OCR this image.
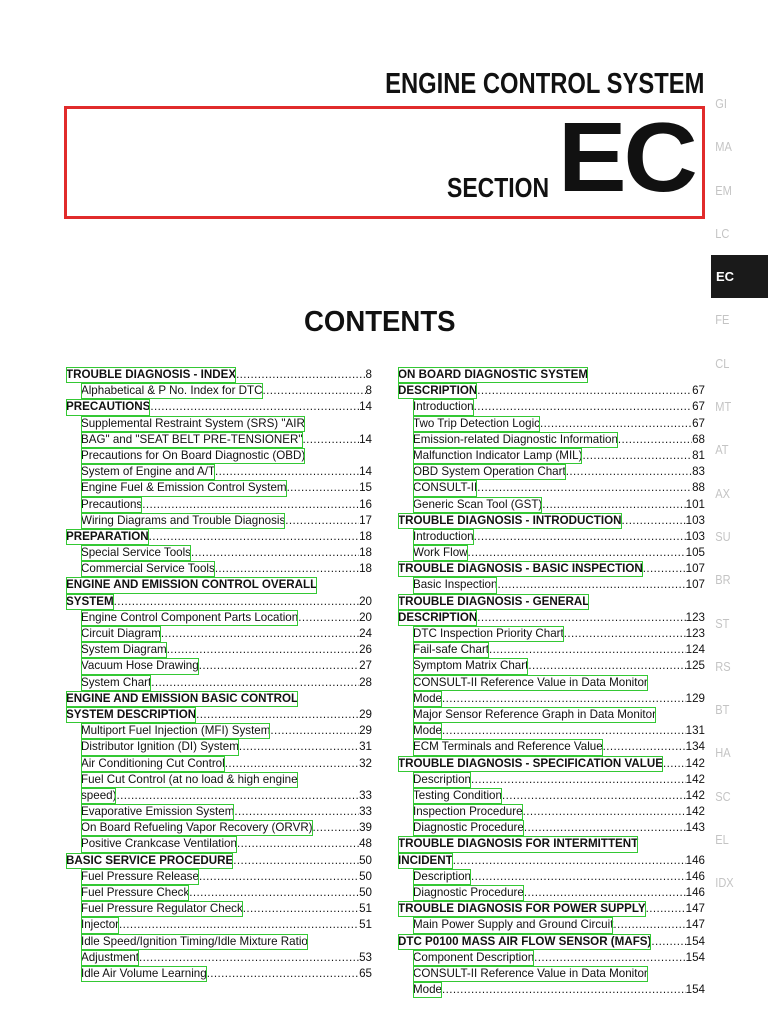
ENGINE CONTROL SYSTEM
SECTION EC
CONTENTS
GI
MA
EM
LC
EC
FE
CL
MT
AT
AX
SU
BR
ST
RS
BT
HA
SC
EL
IDX
TROUBLE DIAGNOSIS - INDEX .....	8
Alphabetical & P No. Index for DTC .....	8
PRECAUTIONS .....	14
Supplemental Restraint System (SRS) "AIR
BAG" and "SEAT BELT PRE-TENSIONER" .....	14
Precautions for On Board Diagnostic (OBD)
System of Engine and A/T .....	14
Engine Fuel & Emission Control System .....	15
Precautions .....	16
Wiring Diagrams and Trouble Diagnosis .....	17
PREPARATION .....	18
Special Service Tools .....	18
Commercial Service Tools .....	18
ENGINE AND EMISSION CONTROL OVERALL
SYSTEM .....	20
Engine Control Component Parts Location .....	20
Circuit Diagram .....	24
System Diagram .....	26
Vacuum Hose Drawing .....	27
System Chart .....	28
ENGINE AND EMISSION BASIC CONTROL
SYSTEM DESCRIPTION .....	29
Multiport Fuel Injection (MFI) System .....	29
Distributor Ignition (DI) System .....	31
Air Conditioning Cut Control .....	32
Fuel Cut Control (at no load & high engine
speed) .....	33
Evaporative Emission System .....	33
On Board Refueling Vapor Recovery (ORVR) .....	39
Positive Crankcase Ventilation .....	48
BASIC SERVICE PROCEDURE .....	50
Fuel Pressure Release .....	50
Fuel Pressure Check .....	50
Fuel Pressure Regulator Check .....	51
Injector .....	51
Idle Speed/Ignition Timing/Idle Mixture Ratio
Adjustment .....	53
Idle Air Volume Learning .....	65
ON BOARD DIAGNOSTIC SYSTEM
DESCRIPTION .....	67
Introduction .....	67
Two Trip Detection Logic .....	67
Emission-related Diagnostic Information .....	68
Malfunction Indicator Lamp (MIL) .....	81
OBD System Operation Chart .....	83
CONSULT-II .....	88
Generic Scan Tool (GST) .....	101
TROUBLE DIAGNOSIS - INTRODUCTION .....	103
Introduction .....	103
Work Flow .....	105
TROUBLE DIAGNOSIS - BASIC INSPECTION .....	107
Basic Inspection .....	107
TROUBLE DIAGNOSIS - GENERAL
DESCRIPTION .....	123
DTC Inspection Priority Chart .....	123
Fail-safe Chart .....	124
Symptom Matrix Chart .....	125
CONSULT-II Reference Value in Data Monitor
Mode .....	129
Major Sensor Reference Graph in Data Monitor
Mode .....	131
ECM Terminals and Reference Value .....	134
TROUBLE DIAGNOSIS - SPECIFICATION VALUE ..... 142
Description .....	142
Testing Condition .....	142
Inspection Procedure .....	142
Diagnostic Procedure .....	143
TROUBLE DIAGNOSIS FOR INTERMITTENT
INCIDENT .....	146
Description .....	146
Diagnostic Procedure .....	146
TROUBLE DIAGNOSIS FOR POWER SUPPLY .....	147
Main Power Supply and Ground Circuit .....	147
DTC P0100 MASS AIR FLOW SENSOR (MAFS) .....	154
Component Description .....	154
CONSULT-II Reference Value in Data Monitor
Mode .....	154
